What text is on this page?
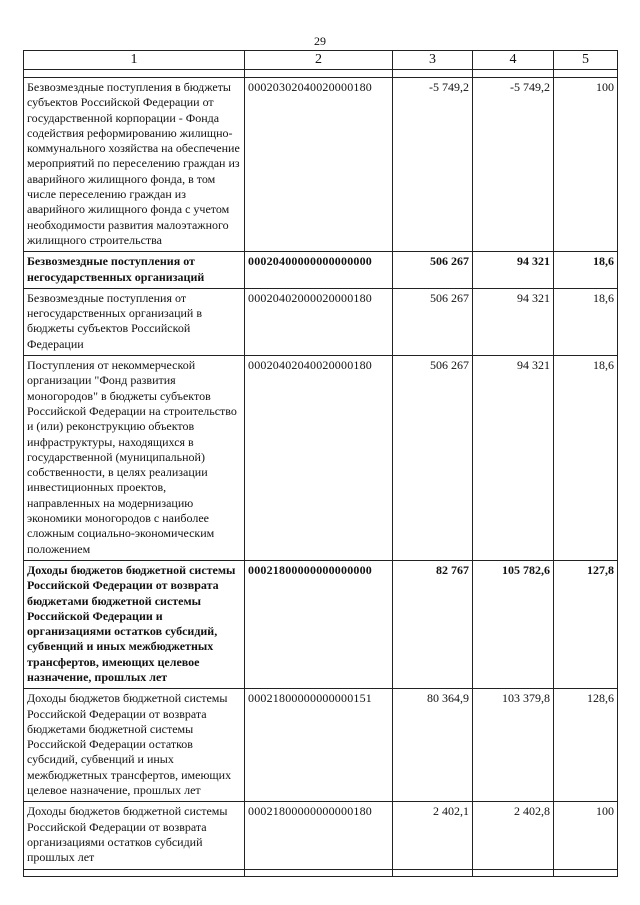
29
1	2	3	4	5

Безвозмездные поступления в бюджеты субъектов Российской Федерации от государственной корпорации - Фонда содействия реформированию жилищно-коммунального хозяйства на обеспечение мероприятий по переселению граждан из аварийного жилищного фонда, в том числе переселению граждан из аварийного жилищного фонда с учетом необходимости развития малоэтажного жилищного строительства	00020302040020000180	-5 749,2	-5 749,2	100
Безвозмездные поступления от негосударственных организаций	00020400000000000000	506 267	94 321	18,6
Безвозмездные поступления от негосударственных организаций в бюджеты субъектов Российской Федерации	00020402000020000180	506 267	94 321	18,6
Поступления от некоммерческой организации "Фонд развития моногородов" в бюджеты субъектов Российской Федерации на строительство и (или) реконструкцию объектов инфраструктуры, находящихся в государственной (муниципальной) собственности, в целях реализации инвестиционных проектов, направленных на модернизацию экономики моногородов с наиболее сложным социально-экономическим положением	00020402040020000180	506 267	94 321	18,6
Доходы бюджетов бюджетной системы Российской Федерации от возврата бюджетами бюджетной системы Российской Федерации и организациями остатков субсидий, субвенций и иных межбюджетных трансфертов, имеющих целевое назначение, прошлых лет	00021800000000000000	82 767	105 782,6	127,8
Доходы бюджетов бюджетной системы Российской Федерации от возврата бюджетами бюджетной системы Российской Федерации остатков субсидий, субвенций и иных межбюджетных трансфертов, имеющих целевое назначение, прошлых лет	00021800000000000151	80 364,9	103 379,8	128,6
Доходы бюджетов бюджетной системы Российской Федерации от возврата организациями остатков субсидий прошлых лет	00021800000000000180	2 402,1	2 402,8	100
